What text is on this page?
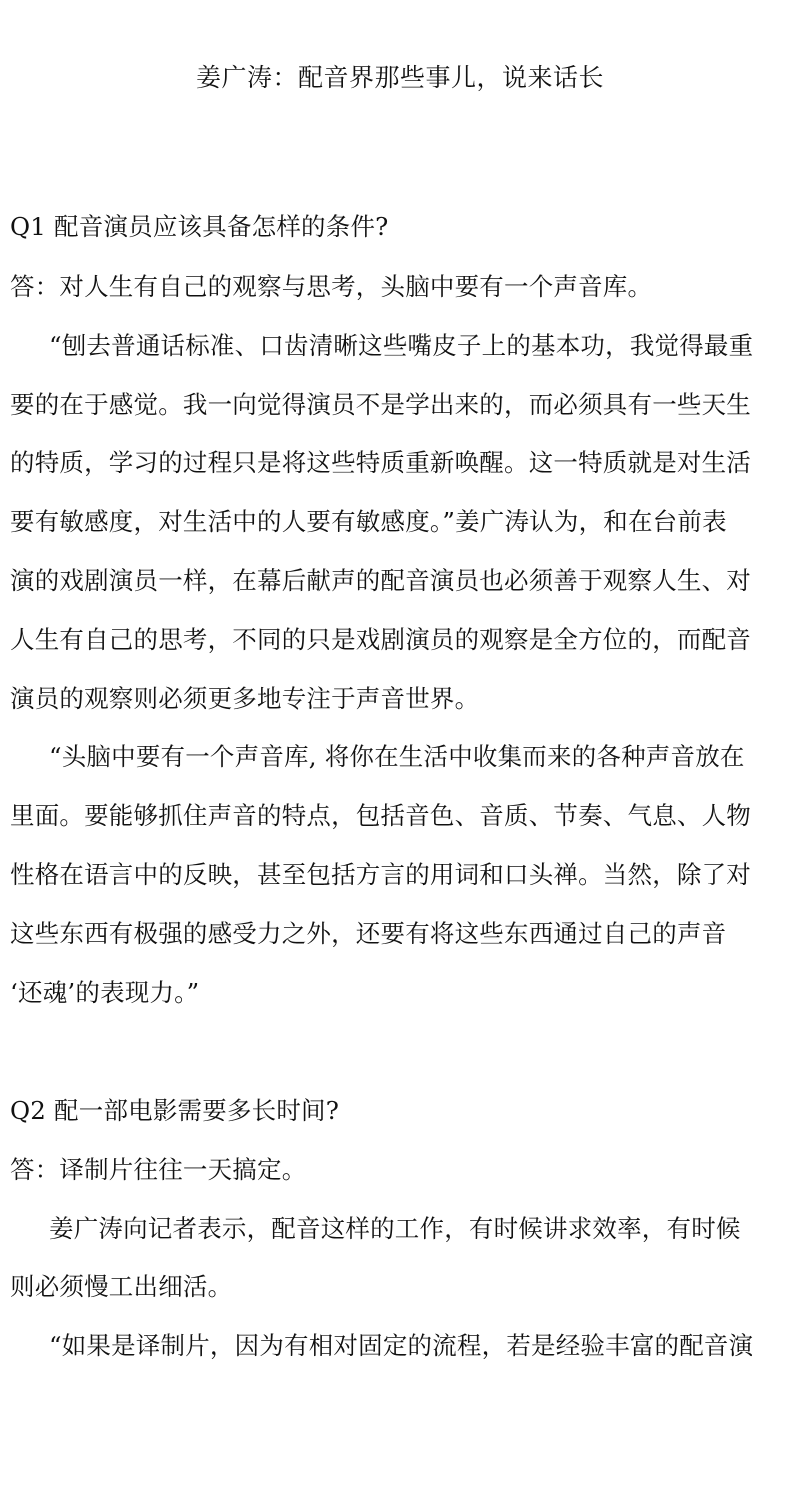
姜广涛：配音界那些事儿，说来话长
Q1 配音演员应该具备怎样的条件?
答：对人生有自己的观察与思考，头脑中要有一个声音库。
“刨去普通话标准、口齿清晰这些嘴皮子上的基本功，我觉得最重
要的在于感觉。我一向觉得演员不是学出来的，而必须具有一些天生
的特质，学习的过程只是将这些特质重新唤醒。这一特质就是对生活
要有敏感度，对生活中的人要有敏感度。”姜广涛认为，和在台前表
演的戏剧演员一样，在幕后献声的配音演员也必须善于观察人生、对
人生有自己的思考，不同的只是戏剧演员的观察是全方位的，而配音
演员的观察则必须更多地专注于声音世界。
“头脑中要有一个声音库, 将你在生活中收集而来的各种声音放在
里面。要能够抓住声音的特点，包括音色、音质、节奏、气息、人物
性格在语言中的反映，甚至包括方言的用词和口头禅。当然，除了对
这些东西有极强的感受力之外，还要有将这些东西通过自己的声音
‘还魂’的表现力。”
Q2 配一部电影需要多长时间?
答：译制片往往一天搞定。
姜广涛向记者表示，配音这样的工作，有时候讲求效率，有时候
则必须慢工出细活。
“如果是译制片，因为有相对固定的流程，若是经验丰富的配音演
